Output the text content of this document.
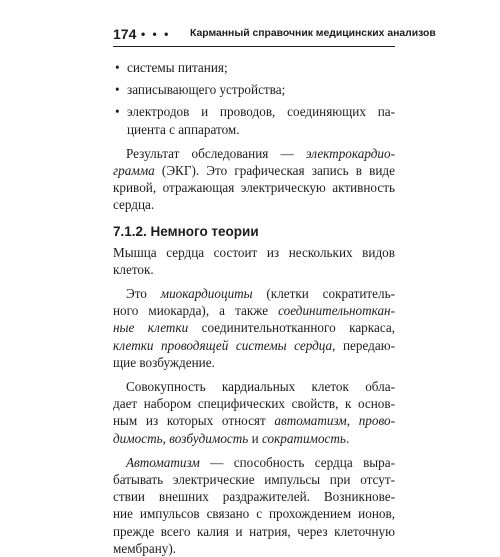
174 • • • Карманный справочник медицинских анализов
• системы питания;
• записывающего устройства;
• электродов и проводов, соединяющих па-
циента с аппаратом.
Результат обследования — электрокардио-
грамма (ЭКГ). Это графическая запись в виде
кривой, отражающая электрическую активность
сердца.
7.1.2. Немного теории
Мышца сердца состоит из нескольких видов
клеток.
Это миокардиоциты (клетки сократитель-
ного миокарда), а также соединительноткан-
ные клетки соединительнотканного каркаса,
клетки проводящей системы сердца, передаю-
щие возбуждение.
Совокупность кардиальных клеток обла-
дает набором специфических свойств, к основ-
ным из которых относят автоматизм, прово-
димость, возбудимость и сократимость.
Автоматизм — способность сердца выра-
батывать электрические импульсы при отсут-
ствии внешних раздражителей. Возникнове-
ние импульсов связано с прохождением ионов,
прежде всего калия и натрия, через клеточную
мембрану).
